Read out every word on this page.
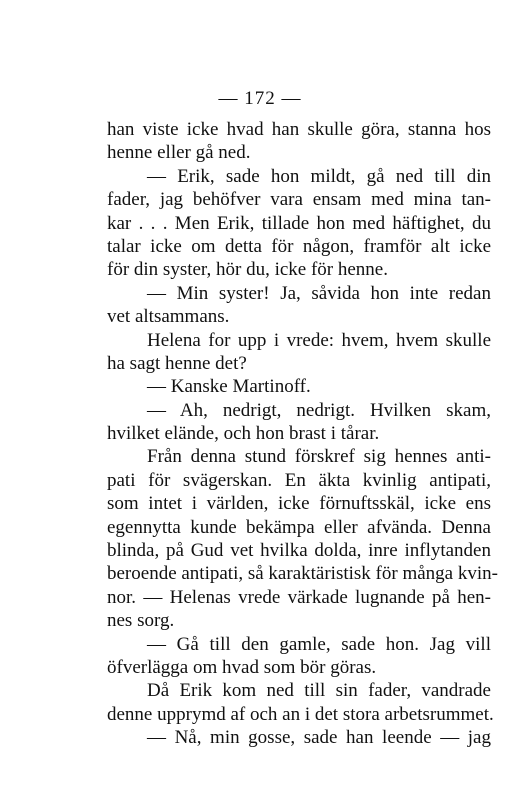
— 172 —
han viste icke hvad han skulle göra, stanna hos
henne eller gå ned.
— Erik, sade hon mildt, gå ned till din
fader, jag behöfver vara ensam med mina tan-
kar . . . Men Erik, tillade hon med häftighet, du
talar icke om detta för någon, framför alt icke
för din syster, hör du, icke för henne.
— Min syster! Ja, såvida hon inte redan
vet altsammans.
Helena for upp i vrede: hvem, hvem skulle
ha sagt henne det?
— Kanske Martinoff.
— Ah, nedrigt, nedrigt. Hvilken skam,
hvilket elände, och hon brast i tårar.
Från denna stund förskref sig hennes anti-
pati för svägerskan. En äkta kvinlig antipati,
som intet i världen, icke förnuftsskäl, icke ens
egennytta kunde bekämpa eller afvända. Denna
blinda, på Gud vet hvilka dolda, inre inflytanden
beroende antipati, så karaktäristisk för många kvin-
nor. — Helenas vrede värkade lugnande på hen-
nes sorg.
— Gå till den gamle, sade hon. Jag vill
öfverlägga om hvad som bör göras.
Då Erik kom ned till sin fader, vandrade
denne upprymd af och an i det stora arbetsrummet.
— Nå, min gosse, sade han leende — jag
